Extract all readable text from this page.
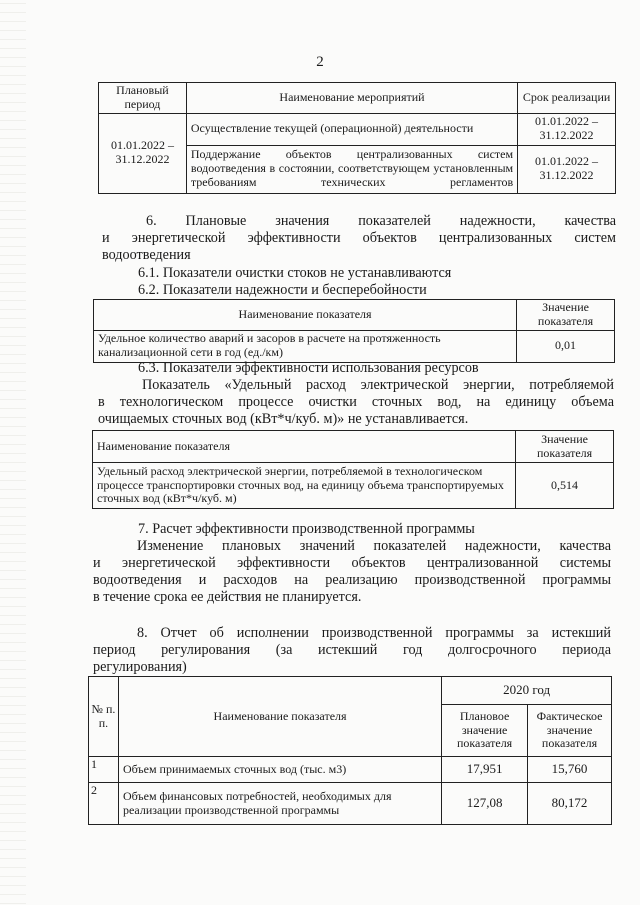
2
Плановый период	Наименование мероприятий	Срок реализации
01.01.2022 – 31.12.2022	Осуществление текущей (операционной) деятельности	01.01.2022 – 31.12.2022
	Поддержание объектов централизованных систем водоотведения в состоянии, соответствующем установленным требованиям технических регламентов	01.01.2022 – 31.12.2022
6. Плановые значения показателей надежности, качества
и энергетической эффективности объектов централизованных систем
водоотведения
6.1. Показатели очистки стоков не устанавливаются
6.2. Показатели надежности и бесперебойности
Наименование показателя	Значение показателя
Удельное количество аварий и засоров в расчете на протяженность канализационной сети в год (ед./км)	0,01
6.3. Показатели эффективности использования ресурсов
Показатель «Удельный расход электрической энергии, потребляемой
в технологическом процессе очистки сточных вод, на единицу объема
очищаемых сточных вод (кВт*ч/куб. м)» не устанавливается.
Наименование показателя	Значение показателя
Удельный расход электрической энергии, потребляемой в технологическом процессе транспортировки сточных вод, на единицу объема транспортируемых сточных вод (кВт*ч/куб. м)	0,514
7. Расчет эффективности производственной программы
Изменение плановых значений показателей надежности, качества
и энергетической эффективности объектов централизованной системы
водоотведения и расходов на реализацию производственной программы
в течение срока ее действия не планируется.
8. Отчет об исполнении производственной программы за истекший
период регулирования (за истекший год долгосрочного периода
регулирования)
№ п. п.	Наименование показателя	2020 год	
		Плановое значение показателя	Фактическое значение показателя
1	Объем принимаемых сточных вод (тыс. м3)	17,951	15,760
2	Объем финансовых потребностей, необходимых для реализации производственной программы	127,08	80,172
